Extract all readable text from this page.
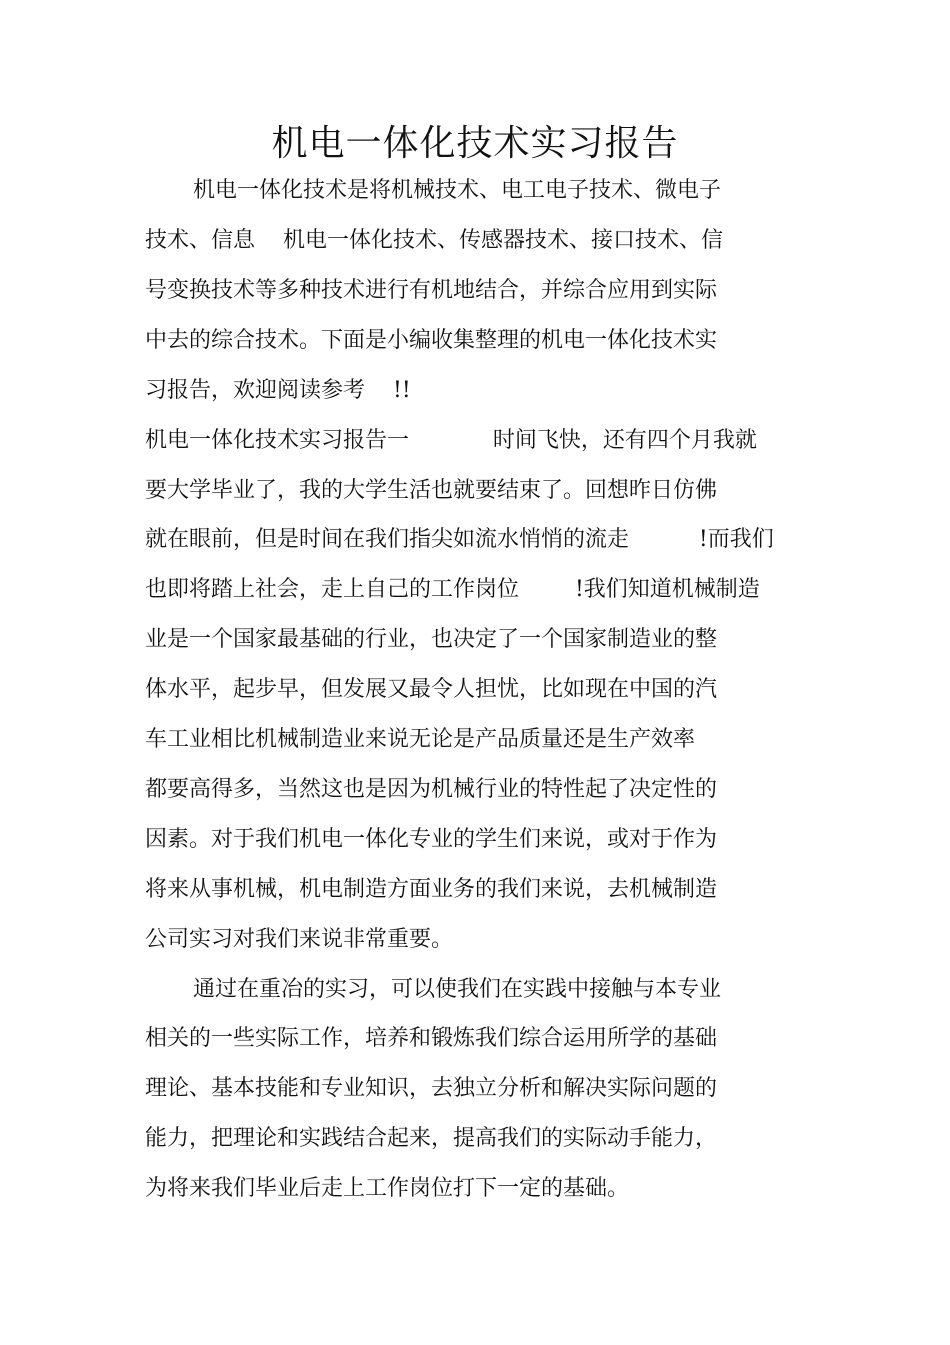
机电一体化技术实习报告
机电一体化技术是将机械技术、电工电子技术、微电子
技术、信息    机电一体化技术、传感器技术、接口技术、信
号变换技术等多种技术进行有机地结合，并综合应用到实际
中去的综合技术。下面是小编收集整理的机电一体化技术实
习报告，欢迎阅读参考    !!
机电一体化技术实习报告一            时间飞快，还有四个月我就
要大学毕业了，我的大学生活也就要结束了。回想昨日仿佛
就在眼前，但是时间在我们指尖如流水悄悄的流走          !而我们
也即将踏上社会，走上自己的工作岗位        !我们知道机械制造
业是一个国家最基础的行业，也决定了一个国家制造业的整
体水平，起步早，但发展又最令人担忧，比如现在中国的汽
车工业相比机械制造业来说无论是产品质量还是生产效率
都要高得多，当然这也是因为机械行业的特性起了决定性的
因素。对于我们机电一体化专业的学生们来说，或对于作为
将来从事机械，机电制造方面业务的我们来说，去机械制造
公司实习对我们来说非常重要。
通过在重冶的实习，可以使我们在实践中接触与本专业
相关的一些实际工作，培养和锻炼我们综合运用所学的基础
理论、基本技能和专业知识，去独立分析和解决实际问题的
能力，把理论和实践结合起来，提高我们的实际动手能力，
为将来我们毕业后走上工作岗位打下一定的基础。
